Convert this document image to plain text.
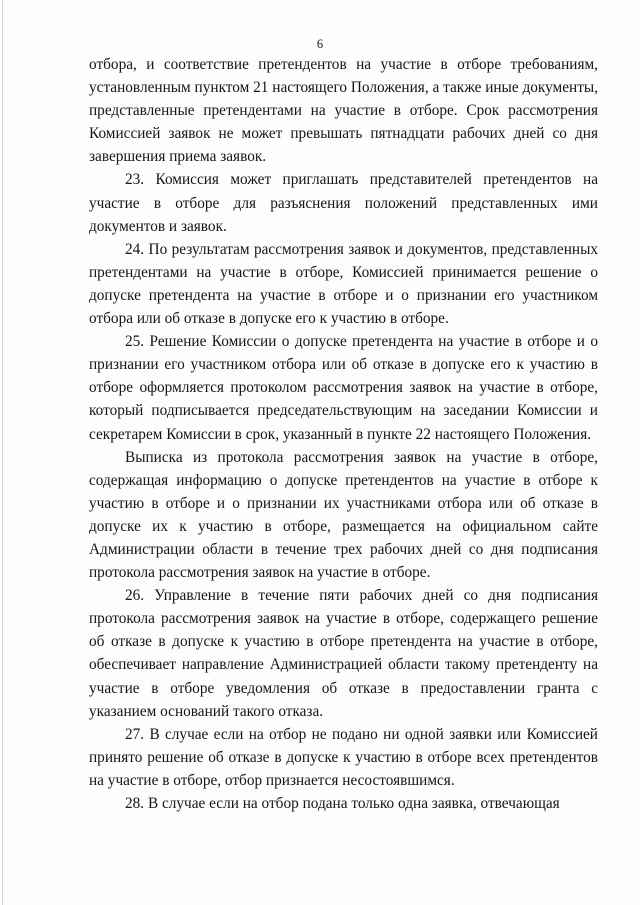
6

отбора, и соответствие претендентов на участие в отборе требованиям, установленным пунктом 21 настоящего Положения, а также иные документы, представленные претендентами на участие в отборе. Срок рассмотрения Комиссией заявок не может превышать пятнадцати рабочих дней со дня завершения приема заявок.

23. Комиссия может приглашать представителей претендентов на участие в отборе для разъяснения положений представленных ими документов и заявок.

24. По результатам рассмотрения заявок и документов, представленных претендентами на участие в отборе, Комиссией принимается решение о допуске претендента на участие в отборе и о признании его участником отбора или об отказе в допуске его к участию в отборе.

25. Решение Комиссии о допуске претендента на участие в отборе и о признании его участником отбора или об отказе в допуске его к участию в отборе оформляется протоколом рассмотрения заявок на участие в отборе, который подписывается председательствующим на заседании Комиссии и секретарем Комиссии в срок, указанный в пункте 22 настоящего Положения.

Выписка из протокола рассмотрения заявок на участие в отборе, содержащая информацию о допуске претендентов на участие в отборе к участию в отборе и о признании их участниками отбора или об отказе в допуске их к участию в отборе, размещается на официальном сайте Администрации области в течение трех рабочих дней со дня подписания протокола рассмотрения заявок на участие в отборе.

26. Управление в течение пяти рабочих дней со дня подписания протокола рассмотрения заявок на участие в отборе, содержащего решение об отказе в допуске к участию в отборе претендента на участие в отборе, обеспечивает направление Администрацией области такому претенденту на участие в отборе уведомления об отказе в предоставлении гранта с указанием оснований такого отказа.

27. В случае если на отбор не подано ни одной заявки или Комиссией принято решение об отказе в допуске к участию в отборе всех претендентов на участие в отборе, отбор признается несостоявшимся.

28. В случае если на отбор подана только одна заявка, отвечающая
